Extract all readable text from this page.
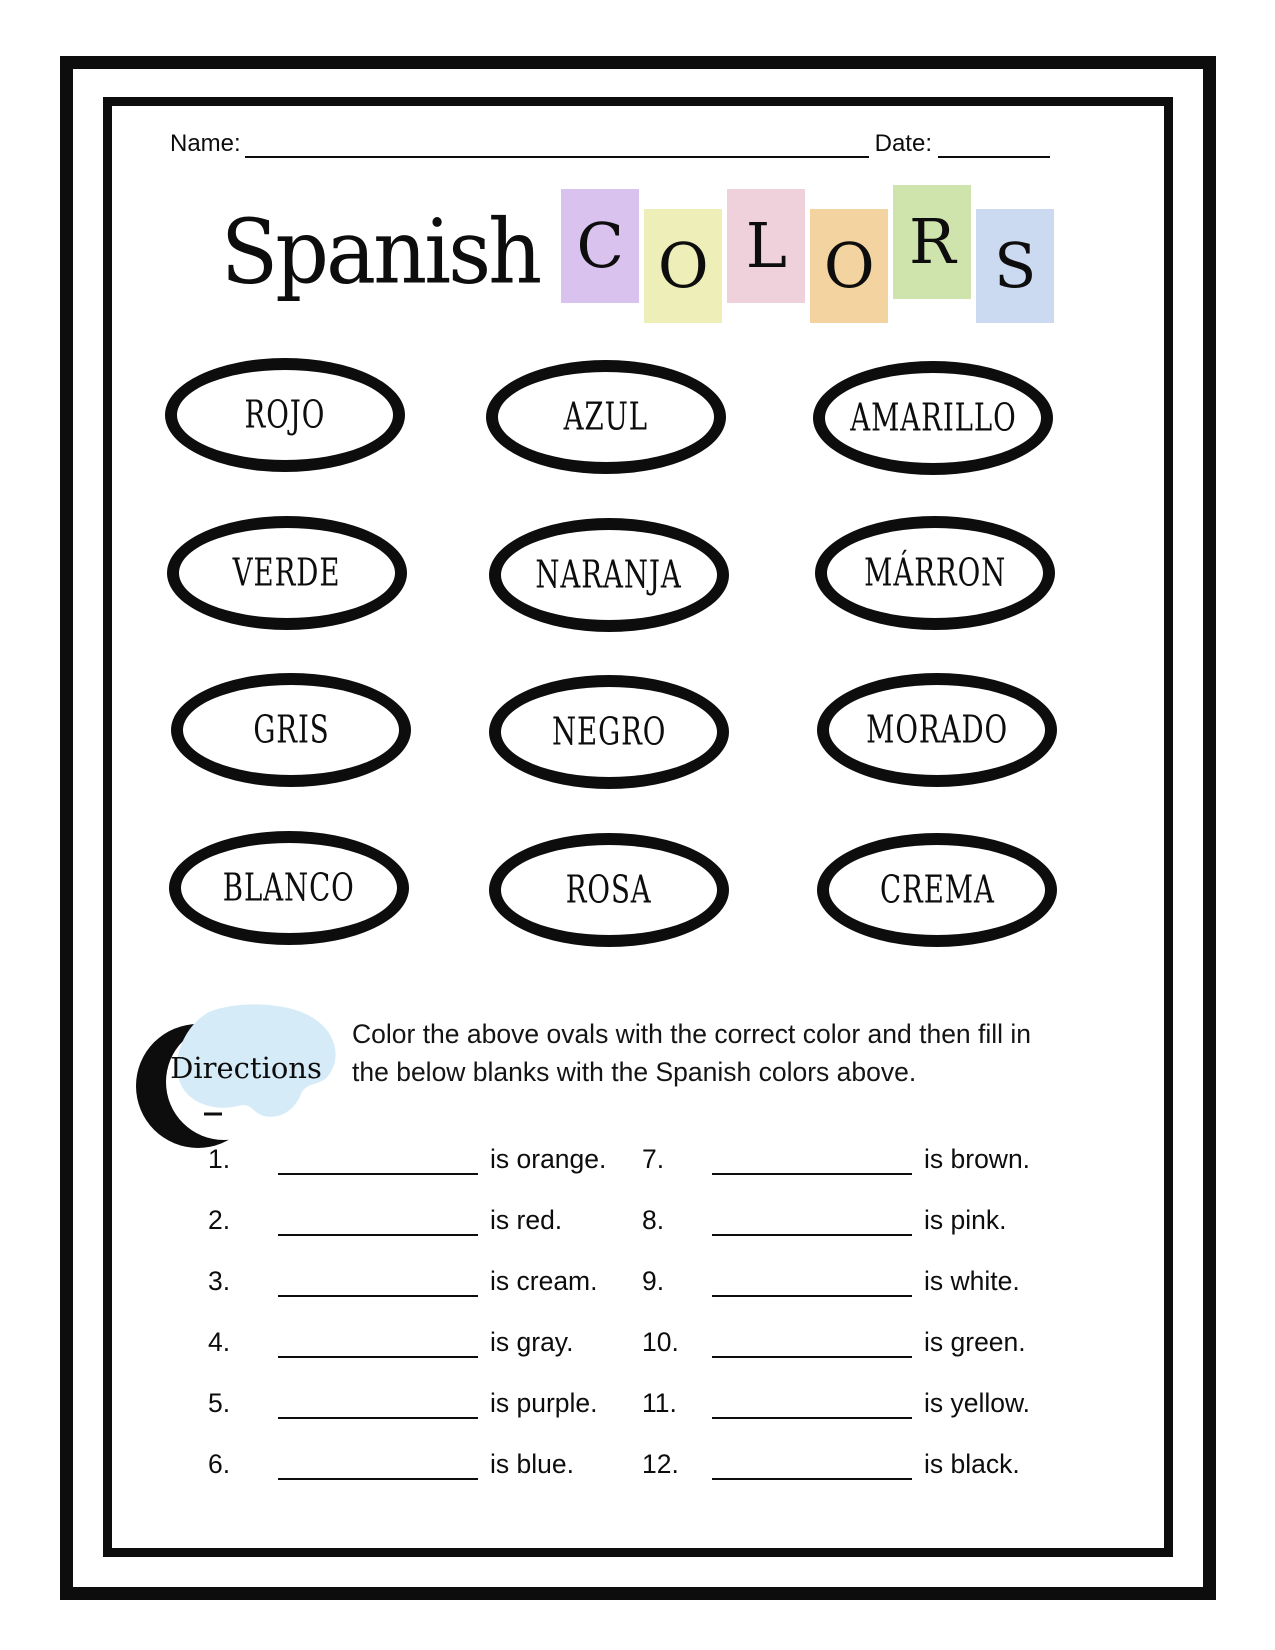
Name:	Date:
Spanish C O L O R S
ROJO	AZUL	AMARILLO
VERDE	NARANJA	MÁRRON
GRIS	NEGRO	MORADO
BLANCO	ROSA	CREMA
Directions

Color the above ovals with the correct color and then fill in the below blanks with the Spanish colors above.

1.	is orange.
2.	is red.
3.	is cream.
4.	is gray.
5.	is purple.
6.	is blue.
7.	is brown.
8.	is pink.
9.	is white.
10.	is green.
11.	is yellow.
12.	is black.
